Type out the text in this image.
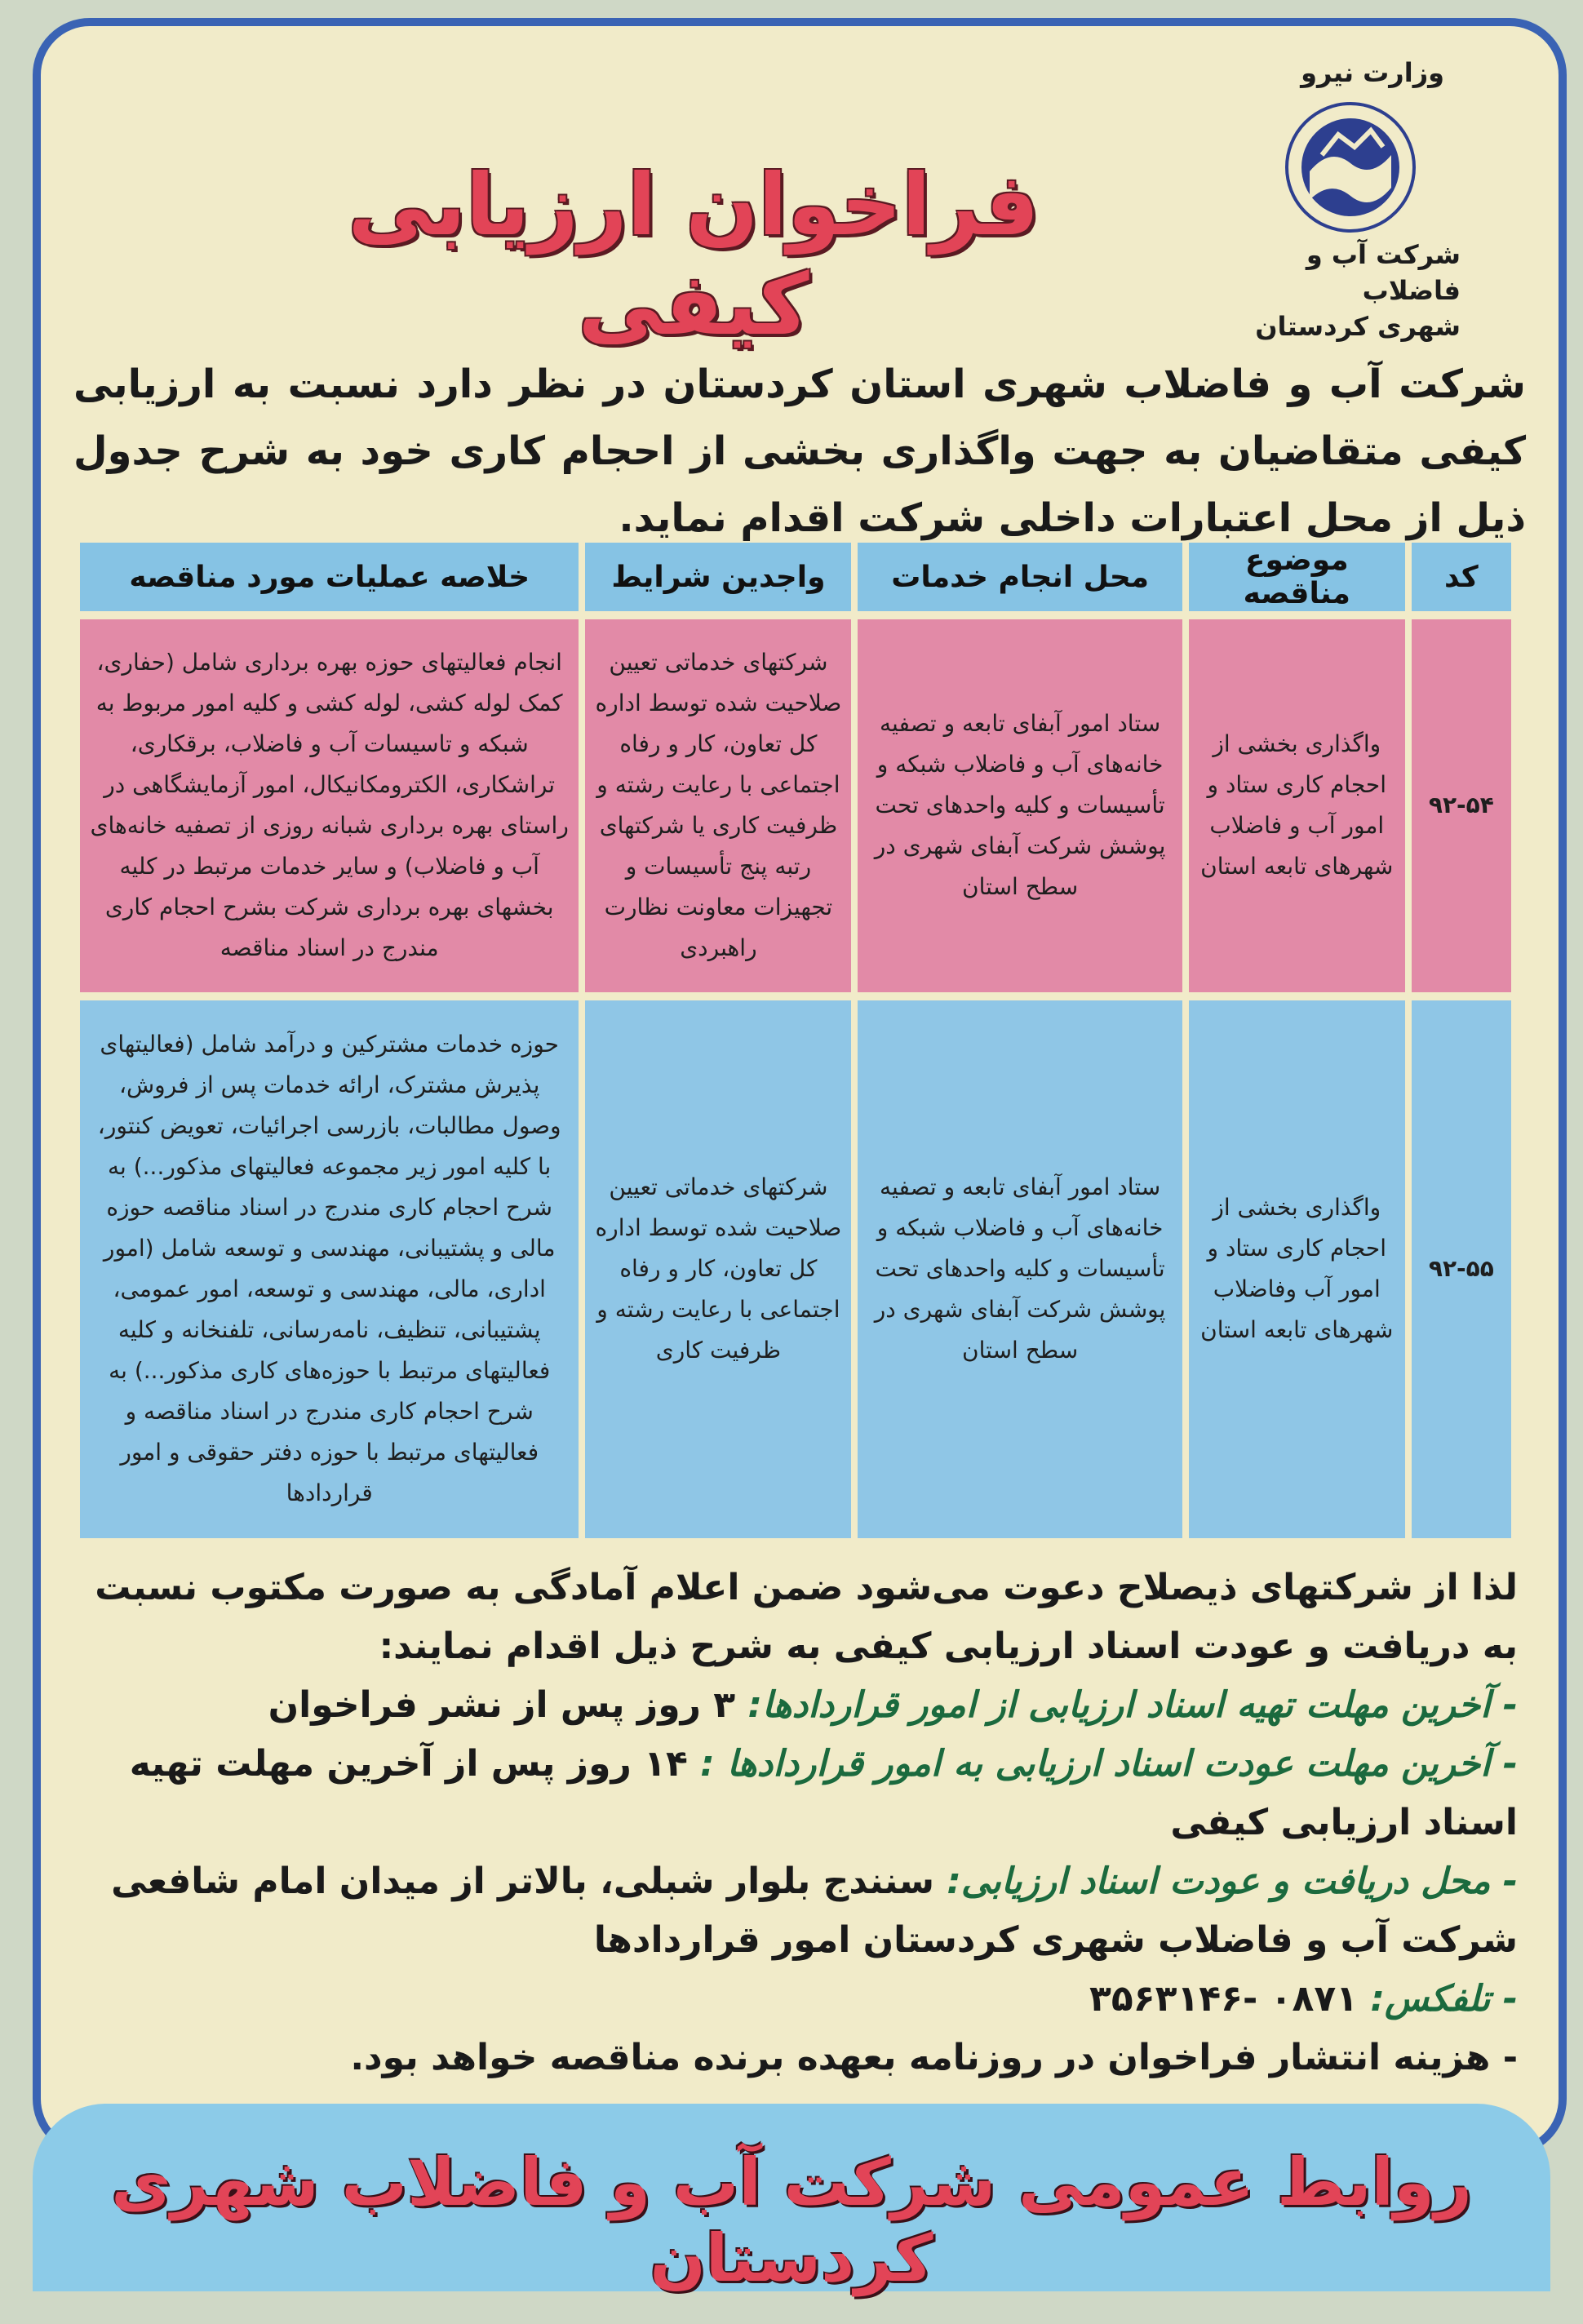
وزارت نیرو
شرکت آب و فاضلاب
شهری کردستان
فراخوان ارزیابی کیفی
شرکت آب و فاضلاب شهری استان کردستان در نظر دارد نسبت به ارزیابی کیفی متقاضیان به جهت واگذاری بخشی از احجام کاری خود به شرح جدول ذیل از محل اعتبارات داخلی شرکت اقدام نماید.
کد	موضوع مناقصه	محل انجام خدمات	واجدین شرایط	خلاصه عملیات مورد مناقصه
۹۲-۵۴	واگذاری بخشی از احجام کاری ستاد و امور آب و فاضلاب شهرهای تابعه استان	ستاد امور آبفای تابعه و تصفیه خانه‌های آب و فاضلاب شبکه و تأسیسات و کلیه واحدهای تحت پوشش شرکت آبفای شهری در سطح استان	شرکتهای خدماتی تعیین صلاحیت شده توسط اداره کل تعاون، کار و رفاه اجتماعی با رعایت رشته و ظرفیت کاری یا شرکتهای رتبه پنج تأسیسات و تجهیزات معاونت نظارت راهبردی	انجام فعالیتهای حوزه بهره برداری شامل (حفاری، کمک لوله کشی، لوله کشی و کلیه امور مربوط به شبکه و تاسیسات آب و فاضلاب، برقکاری، تراشکاری، الکترومکانیکال، امور آزمایشگاهی در راستای بهره برداری شبانه روزی از تصفیه خانه‌های آب و فاضلاب) و سایر خدمات مرتبط در کلیه بخشهای بهره برداری شرکت بشرح احجام کاری مندرج در اسناد مناقصه
۹۲-۵۵	واگذاری بخشی از احجام کاری ستاد و امور آب وفاضلاب شهرهای تابعه استان	ستاد امور آبفای تابعه و تصفیه خانه‌های آب و فاضلاب شبکه و تأسیسات و کلیه واحدهای تحت پوشش شرکت آبفای شهری در سطح استان	شرکتهای خدماتی تعیین صلاحیت شده توسط اداره کل تعاون، کار و رفاه اجتماعی با رعایت رشته و ظرفیت کاری	حوزه خدمات مشترکین و درآمد شامل (فعالیتهای پذیرش مشترک، ارائه خدمات پس از فروش، وصول مطالبات، بازرسی اجرائیات، تعویض کنتور، با کلیه امور زیر مجموعه فعالیتهای مذکور...) به شرح احجام کاری مندرج در اسناد مناقصه حوزه مالی و پشتیبانی، مهندسی و توسعه شامل (امور اداری، مالی، مهندسی و توسعه، امور عمومی، پشتیبانی، تنظیف، نامه‌رسانی، تلفنخانه و کلیه فعالیتهای مرتبط با حوزه‌های کاری مذکور...) به شرح احجام کاری مندرج در اسناد مناقصه و فعالیتهای مرتبط با حوزه دفتر حقوقی و امور قراردادها

لذا از شرکتهای ذیصلاح دعوت می‌شود ضمن اعلام آمادگی به صورت مکتوب نسبت به دریافت و عودت اسناد ارزیابی کیفی به شرح ذیل اقدام نمایند:

- آخرین مهلت تهیه اسناد ارزیابی از امور قراردادها: ۳ روز پس از نشر فراخوان

- آخرین مهلت عودت اسناد ارزیابی به امور قراردادها : ۱۴ روز پس از آخرین مهلت تهیه اسناد ارزیابی کیفی

- محل دریافت و عودت اسناد ارزیابی: سنندج بلوار شبلی، بالاتر از میدان امام شافعی شرکت آب و فاضلاب شهری کردستان امور قراردادها

- تلفکس: ۰۸۷۱ -۳۵۶۳۱۴۶

- هزینه انتشار فراخوان در روزنامه بعهده برنده مناقصه خواهد بود.

روابط عمومی شرکت آب و فاضلاب شهری کردستان
